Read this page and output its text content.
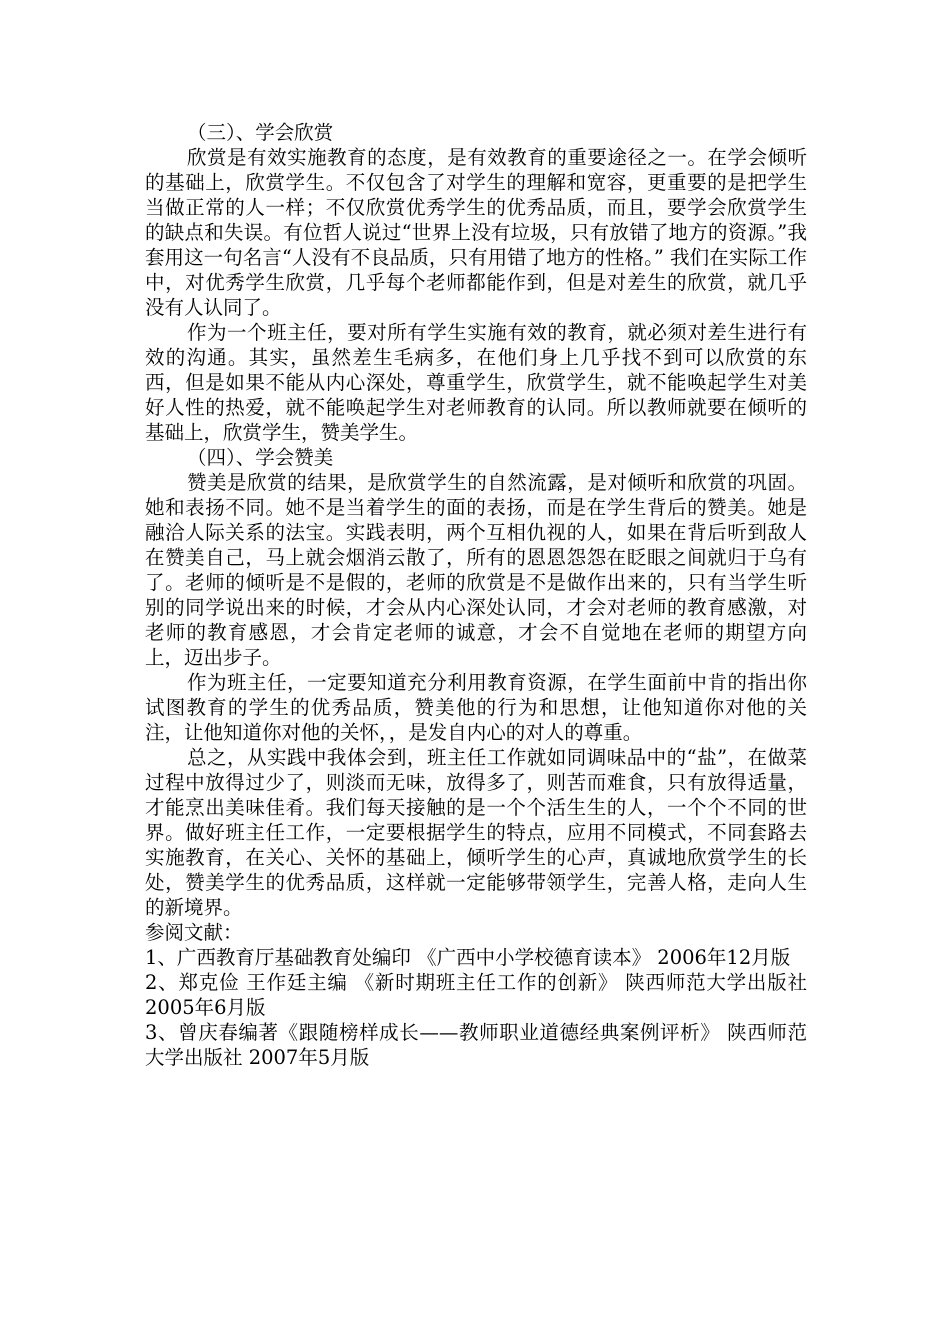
（三）、学会欣赏

欣赏是有效实施教育的态度，是有效教育的重要途径之一。在学会倾听的基础上，欣赏学生。不仅包含了对学生的理解和宽容，更重要的是把学生当做正常的人一样；不仅欣赏优秀学生的优秀品质，而且，要学会欣赏学生的缺点和失误。有位哲人说过“世界上没有垃圾，只有放错了地方的资源。”我套用这一句名言“人没有不良品质，只有用错了地方的性格。” 我们在实际工作中，对优秀学生欣赏，几乎每个老师都能作到，但是对差生的欣赏，就几乎没有人认同了。

作为一个班主任，要对所有学生实施有效的教育，就必须对差生进行有效的沟通。其实，虽然差生毛病多，在他们身上几乎找不到可以欣赏的东西，但是如果不能从内心深处，尊重学生，欣赏学生，就不能唤起学生对美好人性的热爱，就不能唤起学生对老师教育的认同。所以教师就要在倾听的基础上，欣赏学生，赞美学生。

（四）、学会赞美

赞美是欣赏的结果，是欣赏学生的自然流露，是对倾听和欣赏的巩固。她和表扬不同。她不是当着学生的面的表扬，而是在学生背后的赞美。她是融洽人际关系的法宝。实践表明，两个互相仇视的人，如果在背后听到敌人在赞美自己，马上就会烟消云散了，所有的恩恩怨怨在眨眼之间就归于乌有了。老师的倾听是不是假的，老师的欣赏是不是做作出来的，只有当学生听别的同学说出来的时候，才会从内心深处认同，才会对老师的教育感激，对老师的教育感恩，才会肯定老师的诚意，才会不自觉地在老师的期望方向上，迈出步子。

作为班主任，一定要知道充分利用教育资源，在学生面前中肯的指出你试图教育的学生的优秀品质，赞美他的行为和思想，让他知道你对他的关注，让他知道你对他的关怀，，是发自内心的对人的尊重。

总之，从实践中我体会到，班主任工作就如同调味品中的“盐”，在做菜过程中放得过少了，则淡而无味，放得多了，则苦而难食，只有放得适量，才能烹出美味佳肴。我们每天接触的是一个个活生生的人，一个个不同的世界。做好班主任工作，一定要根据学生的特点，应用不同模式，不同套路去实施教育，在关心、关怀的基础上，倾听学生的心声，真诚地欣赏学生的长处，赞美学生的优秀品质，这样就一定能够带领学生，完善人格，走向人生的新境界。

参阅文献：

1、广西教育厅基础教育处编印 《广西中小学校德育读本》 2006年12月版

2、郑克俭 王作廷主编 《新时期班主任工作的创新》 陕西师范大学出版社 2005年6月版

3、曾庆春编著《跟随榜样成长——教师职业道德经典案例评析》 陕西师范大学出版社 2007年5月版
